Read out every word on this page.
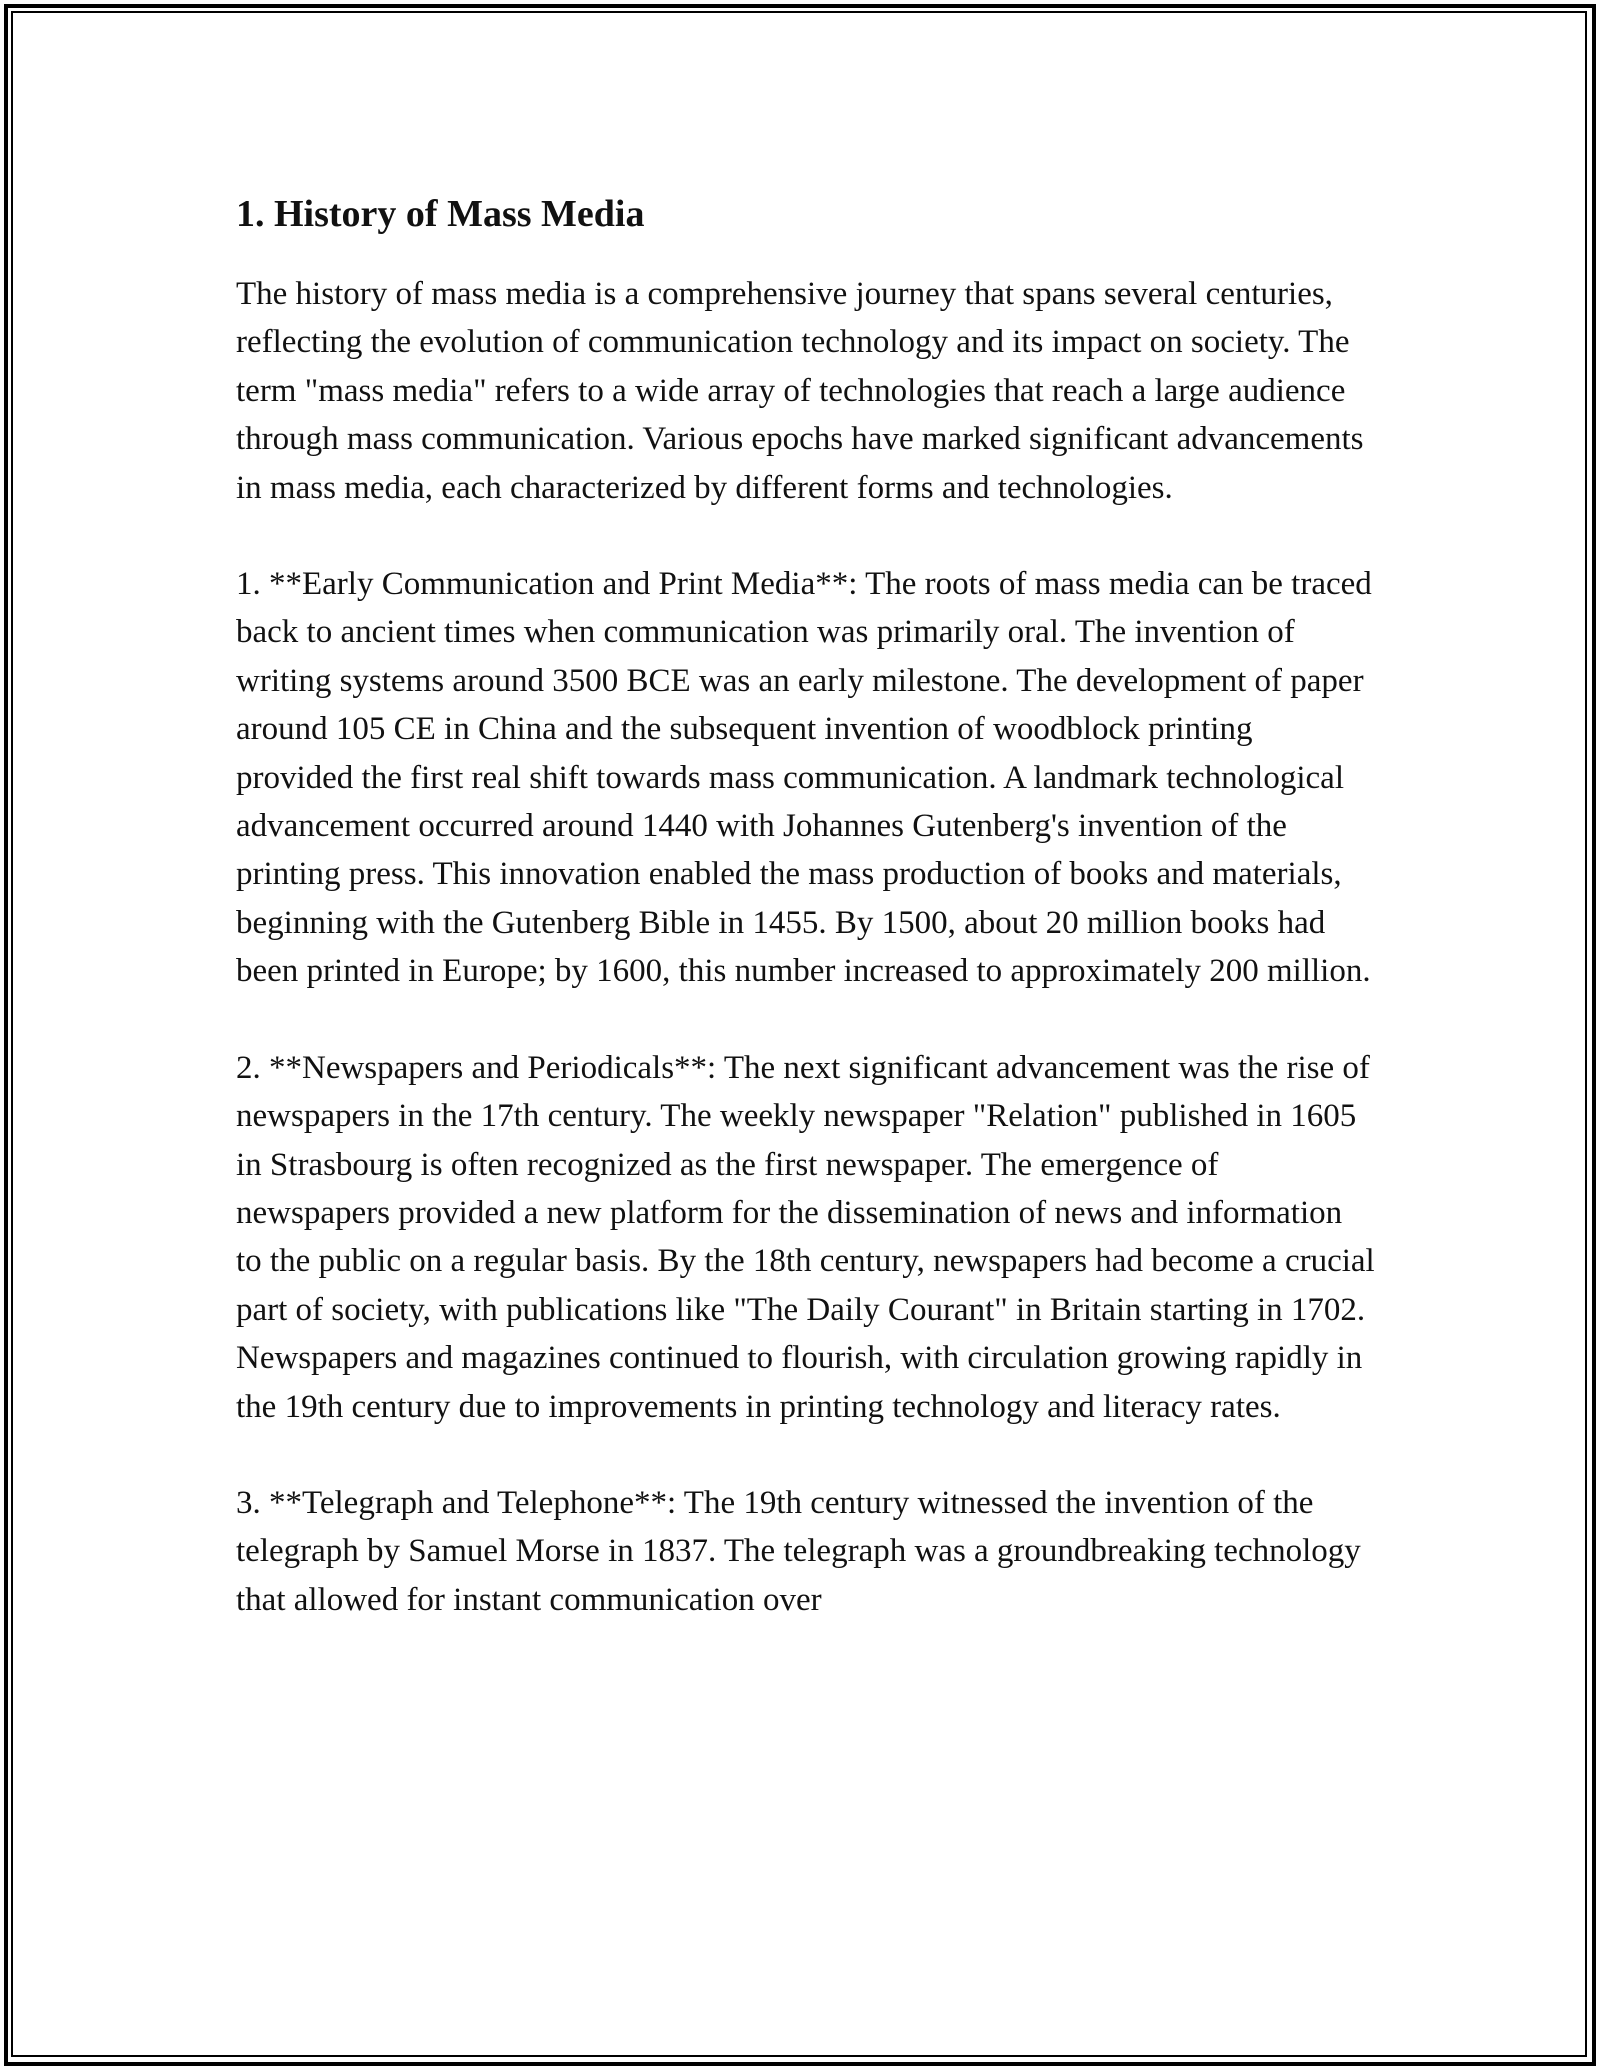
1. History of Mass Media

The history of mass media is a comprehensive journey that spans several centuries, reflecting the evolution of communication technology and its impact on society. The term "mass media" refers to a wide array of technologies that reach a large audience through mass communication. Various epochs have marked significant advancements in mass media, each characterized by different forms and technologies.

1. **Early Communication and Print Media**: The roots of mass media can be traced back to ancient times when communication was primarily oral. The invention of writing systems around 3500 BCE was an early milestone. The development of paper around 105 CE in China and the subsequent invention of woodblock printing provided the first real shift towards mass communication. A landmark technological advancement occurred around 1440 with Johannes Gutenberg's invention of the printing press. This innovation enabled the mass production of books and materials, beginning with the Gutenberg Bible in 1455. By 1500, about 20 million books had been printed in Europe; by 1600, this number increased to approximately 200 million.

2. **Newspapers and Periodicals**: The next significant advancement was the rise of newspapers in the 17th century. The weekly newspaper "Relation" published in 1605 in Strasbourg is often recognized as the first newspaper. The emergence of newspapers provided a new platform for the dissemination of news and information to the public on a regular basis. By the 18th century, newspapers had become a crucial part of society, with publications like "The Daily Courant" in Britain starting in 1702. Newspapers and magazines continued to flourish, with circulation growing rapidly in the 19th century due to improvements in printing technology and literacy rates.

3. **Telegraph and Telephone**: The 19th century witnessed the invention of the telegraph by Samuel Morse in 1837. The telegraph was a groundbreaking technology that allowed for instant communication over
